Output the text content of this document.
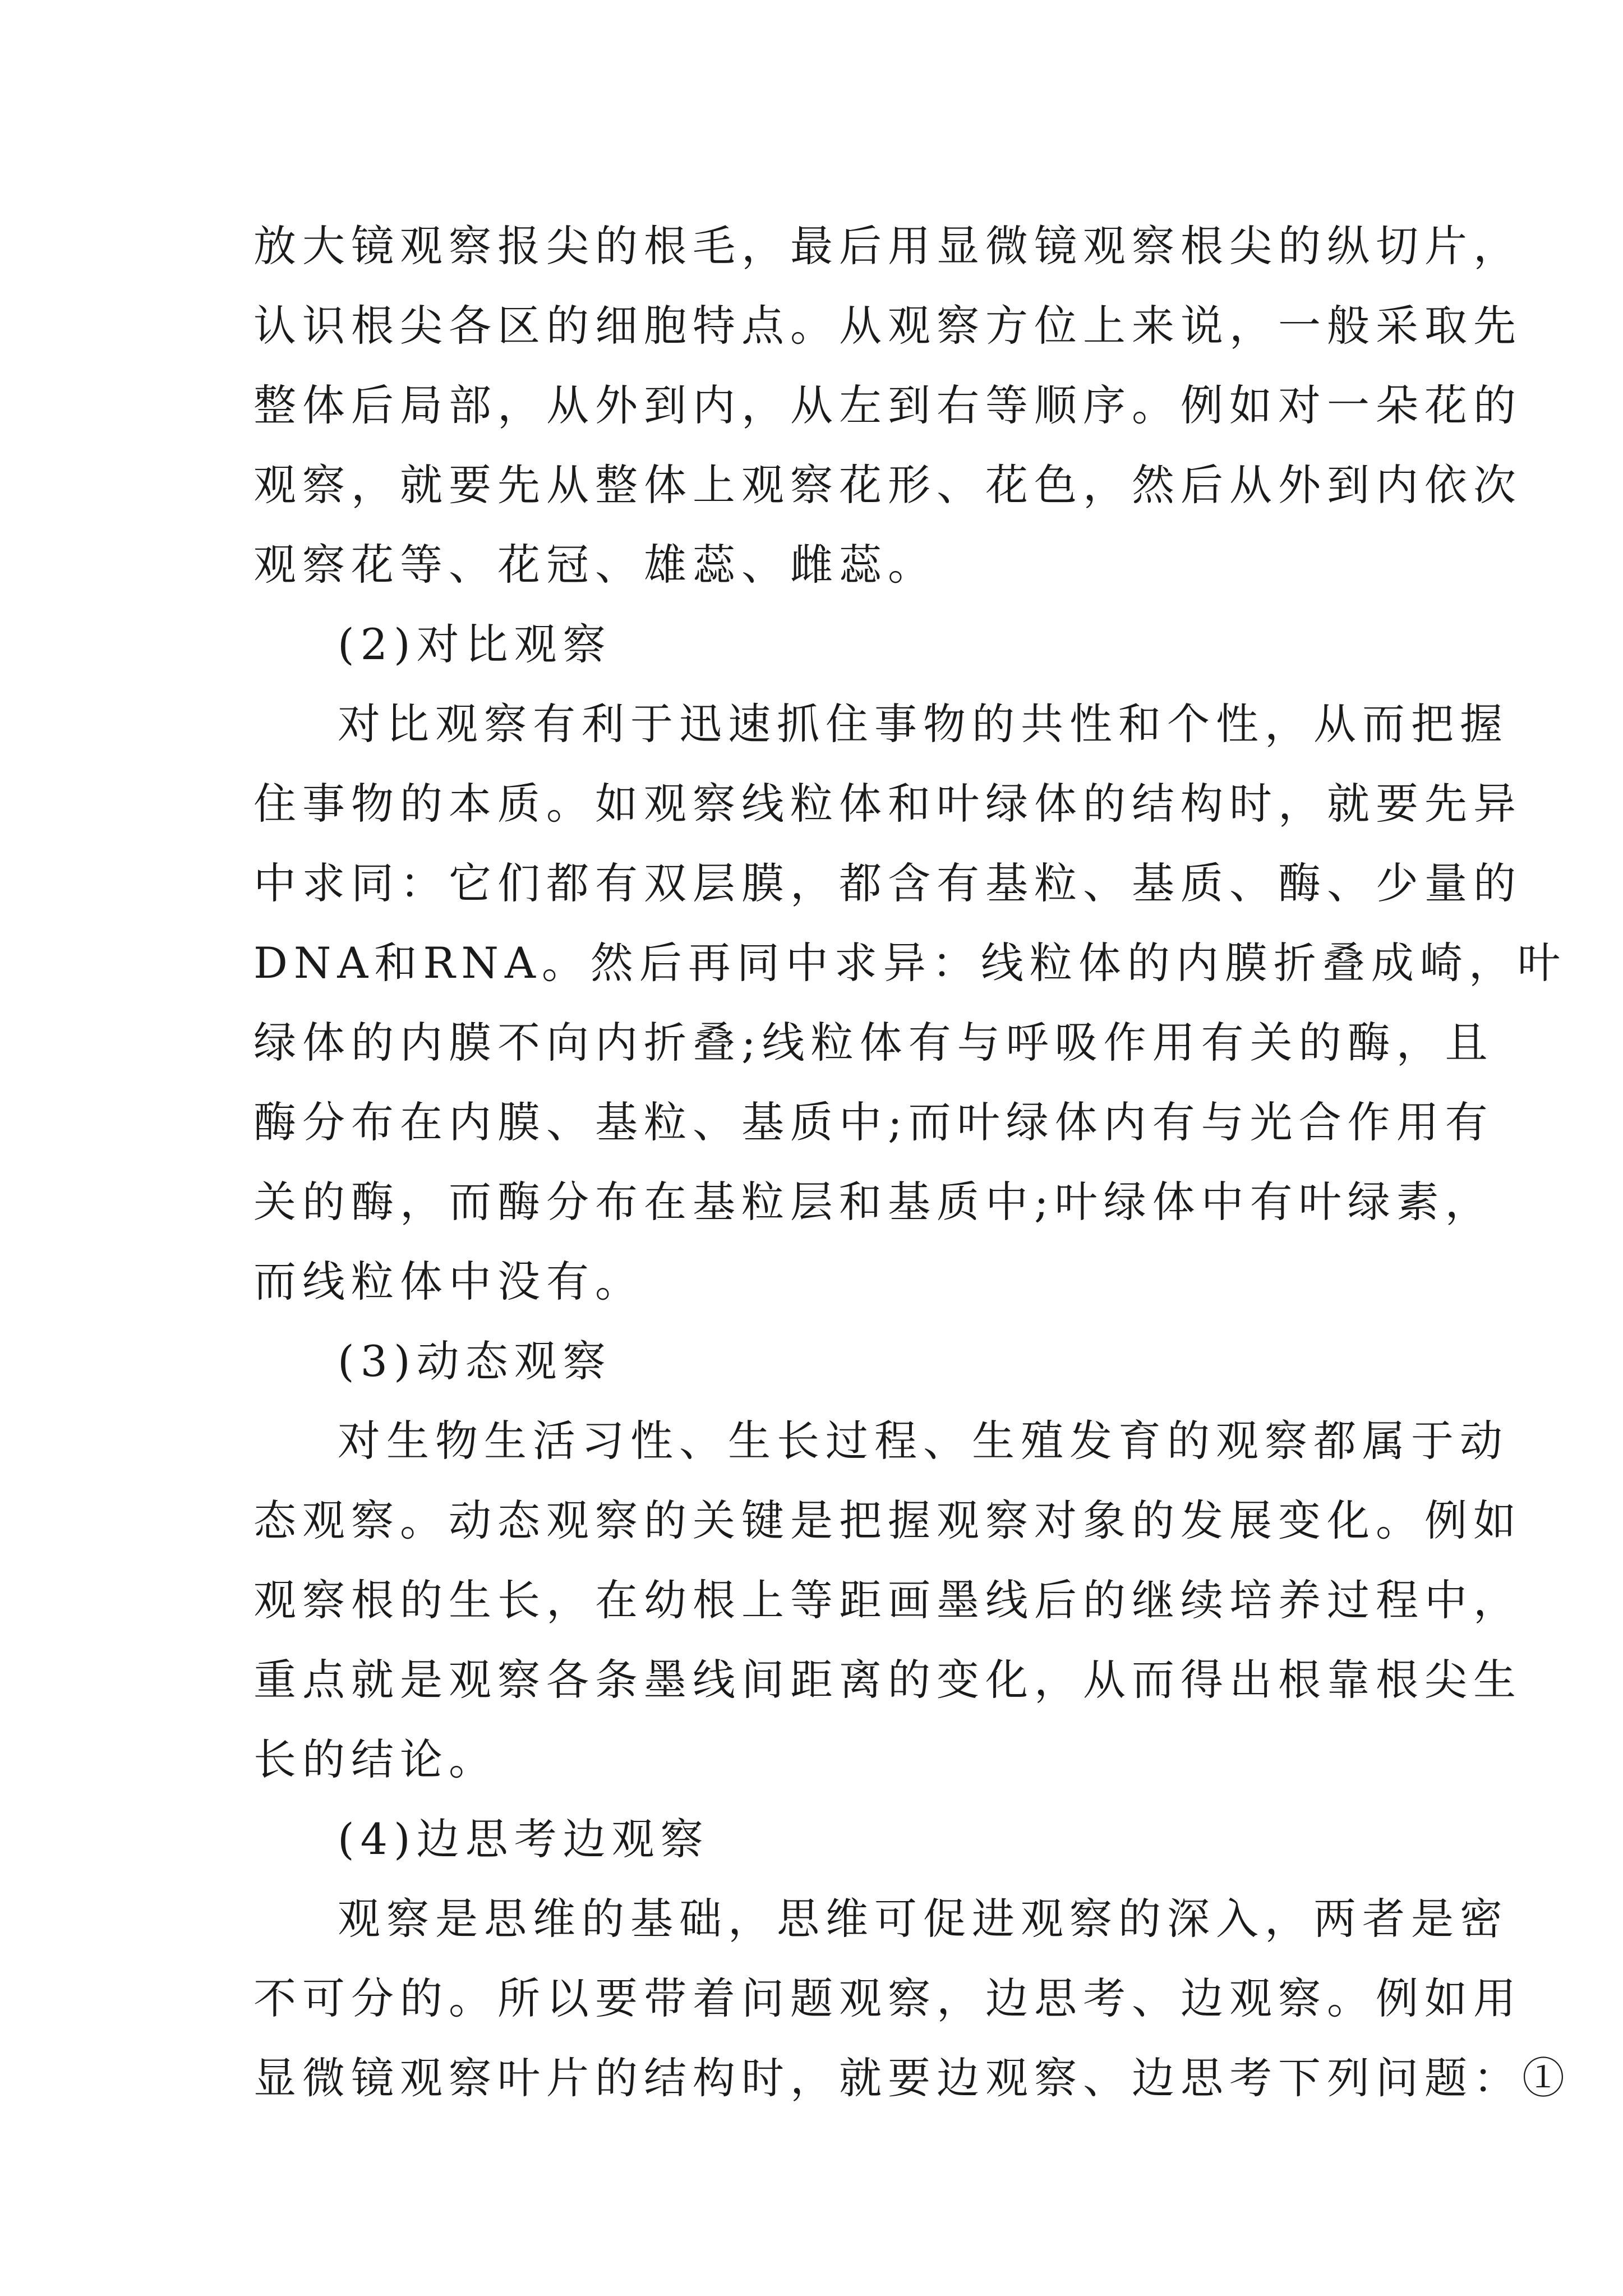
放大镜观察报尖的根毛，最后用显微镜观察根尖的纵切片，
认识根尖各区的细胞特点。从观察方位上来说，一般采取先
整体后局部，从外到内，从左到右等顺序。例如对一朵花的
观察，就要先从整体上观察花形、花色，然后从外到内依次
观察花等、花冠、雄蕊、雌蕊。
(2)对比观察
对比观察有利于迅速抓住事物的共性和个性，从而把握
住事物的本质。如观察线粒体和叶绿体的结构时，就要先异
中求同：它们都有双层膜，都含有基粒、基质、酶、少量的
DNA和RNA。然后再同中求异：线粒体的内膜折叠成崎，叶
绿体的内膜不向内折叠;线粒体有与呼吸作用有关的酶，且
酶分布在内膜、基粒、基质中;而叶绿体内有与光合作用有
关的酶，而酶分布在基粒层和基质中;叶绿体中有叶绿素，
而线粒体中没有。
(3)动态观察
对生物生活习性、生长过程、生殖发育的观察都属于动
态观察。动态观察的关键是把握观察对象的发展变化。例如
观察根的生长，在幼根上等距画墨线后的继续培养过程中，
重点就是观察各条墨线间距离的变化，从而得出根靠根尖生
长的结论。
(4)边思考边观察
观察是思维的基础，思维可促进观察的深入，两者是密
不可分的。所以要带着问题观察，边思考、边观察。例如用
显微镜观察叶片的结构时，就要边观察、边思考下列问题：①
